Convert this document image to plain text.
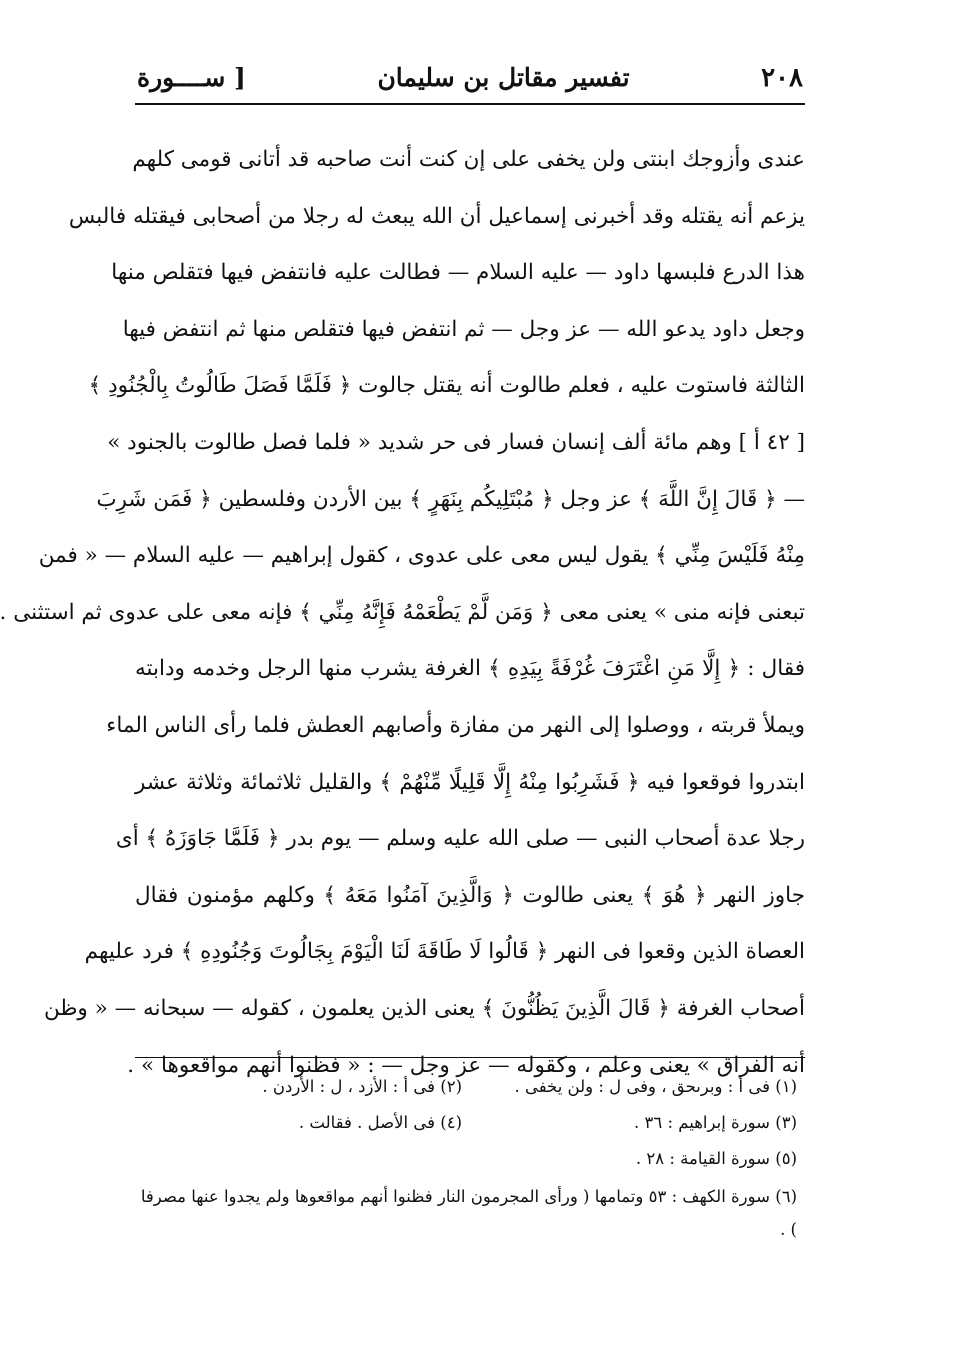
٢٠٨
تفسير مقاتل بن سليمان
[ ســــورة
عندى وأزوجك ابنتى ولن يخفى على إن كنت أنت صاحبه قد أتانى قومى كلهم
يزعم أنه يقتله وقد أخبرنى إسماعيل أن الله يبعث له رجلا من أصحابى فيقتله فالبس
هذا الدرع فلبسها داود — عليه السلام — فطالت عليه فانتفض فيها فتقلص منها
وجعل داود يدعو الله — عز وجل — ثم انتفض فيها فتقلص منها ثم انتفض فيها
الثالثة فاستوت عليه ، فعلم طالوت أنه يقتل جالوت ﴿ فَلَمَّا فَصَلَ طَالُوتُ بِالْجُنُودِ ﴾
[ ٤٢ أ ] وهم مائة ألف إنسان فسار فى حر شديد « فلما فصل طالوت بالجنود »
— ﴿ قَالَ إِنَّ اللَّهَ ﴾ عز وجل ﴿ مُبْتَلِيكُم بِنَهَرٍ ﴾ بين الأردن وفلسطين ﴿ فَمَن شَرِبَ
مِنْهُ فَلَيْسَ مِنِّي ﴾ يقول ليس معى على عدوى ، كقول إبراهيم — عليه السلام — « فمن
تبعنى فإنه منى » يعنى معى ﴿ وَمَن لَّمْ يَطْعَمْهُ فَإِنَّهُ مِنِّي ﴾ فإنه معى على عدوى ثم استثنى .
فقال : ﴿ إِلَّا مَنِ اغْتَرَفَ غُرْفَةً بِيَدِهِ ﴾ الغرفة يشرب منها الرجل وخدمه ودابته
ويملأ قربته ، ووصلوا إلى النهر من مفازة وأصابهم العطش فلما رأى الناس الماء
ابتدروا فوقعوا فيه ﴿ فَشَرِبُوا مِنْهُ إِلَّا قَلِيلًا مِّنْهُمْ ﴾ والقليل ثلاثمائة وثلاثة عشر
رجلا عدة أصحاب النبى — صلى الله عليه وسلم — يوم بدر ﴿ فَلَمَّا جَاوَزَهُ ﴾ أى
جاوز النهر ﴿ هُوَ ﴾ يعنى طالوت ﴿ وَالَّذِينَ آمَنُوا مَعَهُ ﴾ وكلهم مؤمنون فقال
العصاة الذين وقعوا فى النهر ﴿ قَالُوا لَا طَاقَةَ لَنَا الْيَوْمَ بِجَالُوتَ وَجُنُودِهِ ﴾ فرد عليهم
أصحاب الغرفة ﴿ قَالَ الَّذِينَ يَظُنُّونَ ﴾ يعنى الذين يعلمون ، كقوله — سبحانه — « وظن
أنه الفراق » يعنى وعلم ، وكقوله — عز وجل — : « فظنوا أنهم مواقعوها » .
(١) فى أ : وبرىحق ، وفى ل : ولن يخفى .
(٢) فى أ : الأزد ، ل : الأردن .
(٣) سورة إبراهيم : ٣٦ .
(٤) فى الأصل . فقالت .
(٥) سورة القيامة : ٢٨ .
(٦) سورة الكهف : ٥٣ وتمامها ( ورأى المجرمون النار فظنوا أنهم مواقعوها ولم يجدوا عنها مصرفا ) .
